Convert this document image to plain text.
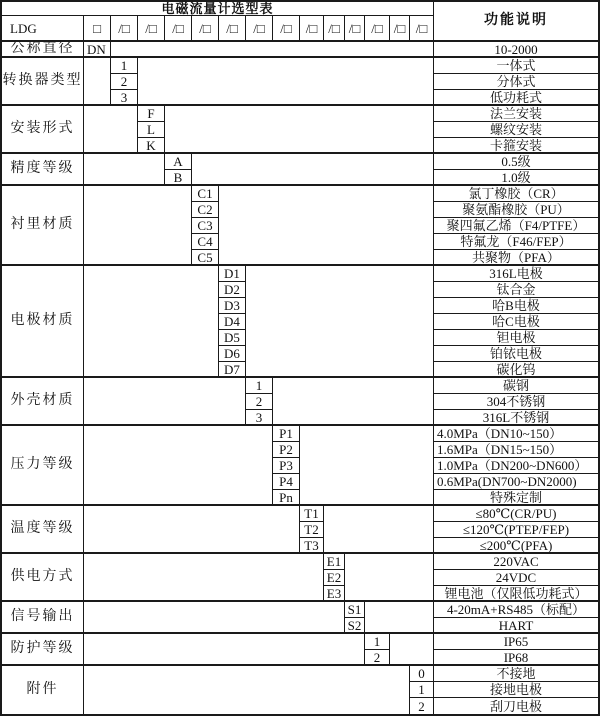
电磁流量计选型表
功能说明
LDG	□	/□	/□	/□	/□	/□	/□	/□	/□ /□ /□ /□ /□ /□
公称直径 DN	10-2000
转换器类型
1	一体式
2	分体式
3	低功耗式
安装形式
F	法兰安装
L	螺纹安装
K	卡箍安装
精度等级	A	0.5级
B	1.0级
衬里材质
C1	氯丁橡胶（CR）
C2	聚氨酯橡胶（PU）
C3	聚四氟乙烯（F4/PTFE）
C4	特氟龙（F46/FEP）
C5	共聚物（PFA）
电极材质
D1	316L电极
D2	钛合金
D3	哈B电极
D4	哈C电极
D5	钽电极
D6	铂铱电极
D7	碳化钨
外壳材质
1	碳钢
2	304不锈钢
3	316L不锈钢
压力等级
P1	4.0MPa（DN10~150）
P2	1.6MPa（DN15~150）
P3	1.0MPa（DN200~DN600）
P4	0.6MPa(DN700~DN2000)
Pn	特殊定制
温度等级
T1	≤80℃(CR/PU)
T2	≤120℃(PTEP/FEP)
T3	≤200℃(PFA)
供电方式
E1	220VAC
E2	24VDC
E3	锂电池（仅限低功耗式）
信号输出	S1	4-20mA+RS485（标配）
S2	HART
防护等级	1	IP65
2	IP68
附件
0	不接地
1	接地电极
2	刮刀电极
